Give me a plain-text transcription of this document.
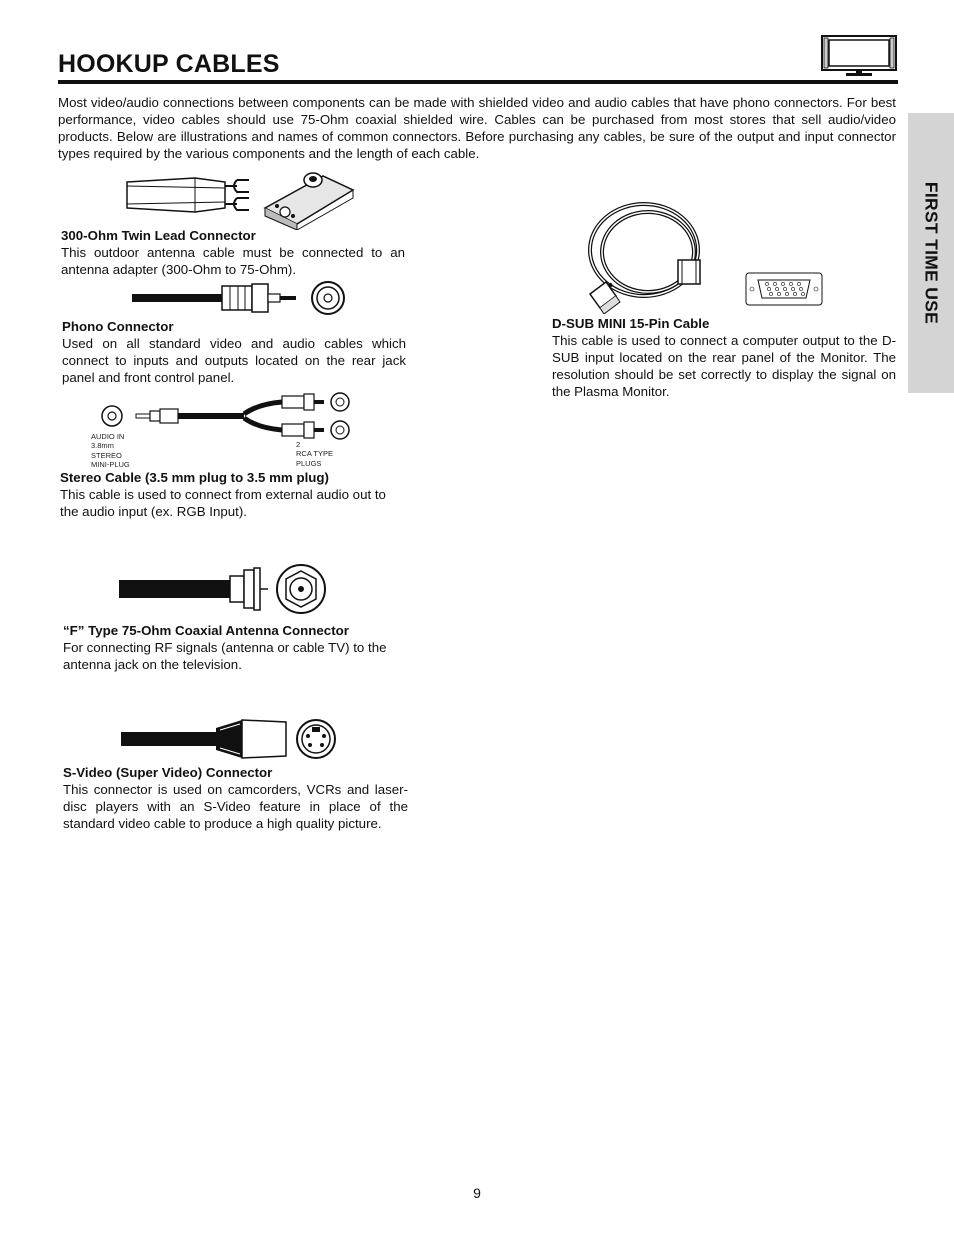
HOOKUP CABLES
Most video/audio connections between components can be made with shielded video and audio cables that have phono connectors. For best performance, video cables should use 75-Ohm coaxial shielded wire. Cables can be purchased from most stores that sell audio/video products. Below are illustrations and names of common connectors. Before purchasing any cables, be sure of the output and input connector types required by the various components and the length of each cable.
FIRST TIME USE
300-Ohm Twin Lead Connector

This outdoor antenna cable must be connected to an antenna adapter (300-Ohm to 75-Ohm).

Phono Connector

Used on all standard video and audio cables which connect to inputs and outputs located on the rear jack panel and front control panel.

AUDIO IN
3.8mm
STEREO
MINI-PLUG
2
RCA TYPE
PLUGS
Stereo Cable (3.5 mm plug to 3.5 mm plug)

This cable is used to connect from external audio out to the audio input (ex. RGB Input).

“F” Type 75-Ohm Coaxial Antenna Connector

For connecting RF signals (antenna or cable TV) to the antenna jack on the television.

S-Video (Super Video) Connector

This connector is used on camcorders, VCRs and laser-disc players with an S-Video feature in place of the standard video cable to produce a high quality picture.

D-SUB MINI 15-Pin Cable

This cable is used to connect a computer output to the D-SUB input located on the rear panel of the Monitor. The resolution should be set correctly to display the signal on the Plasma Monitor.

9
